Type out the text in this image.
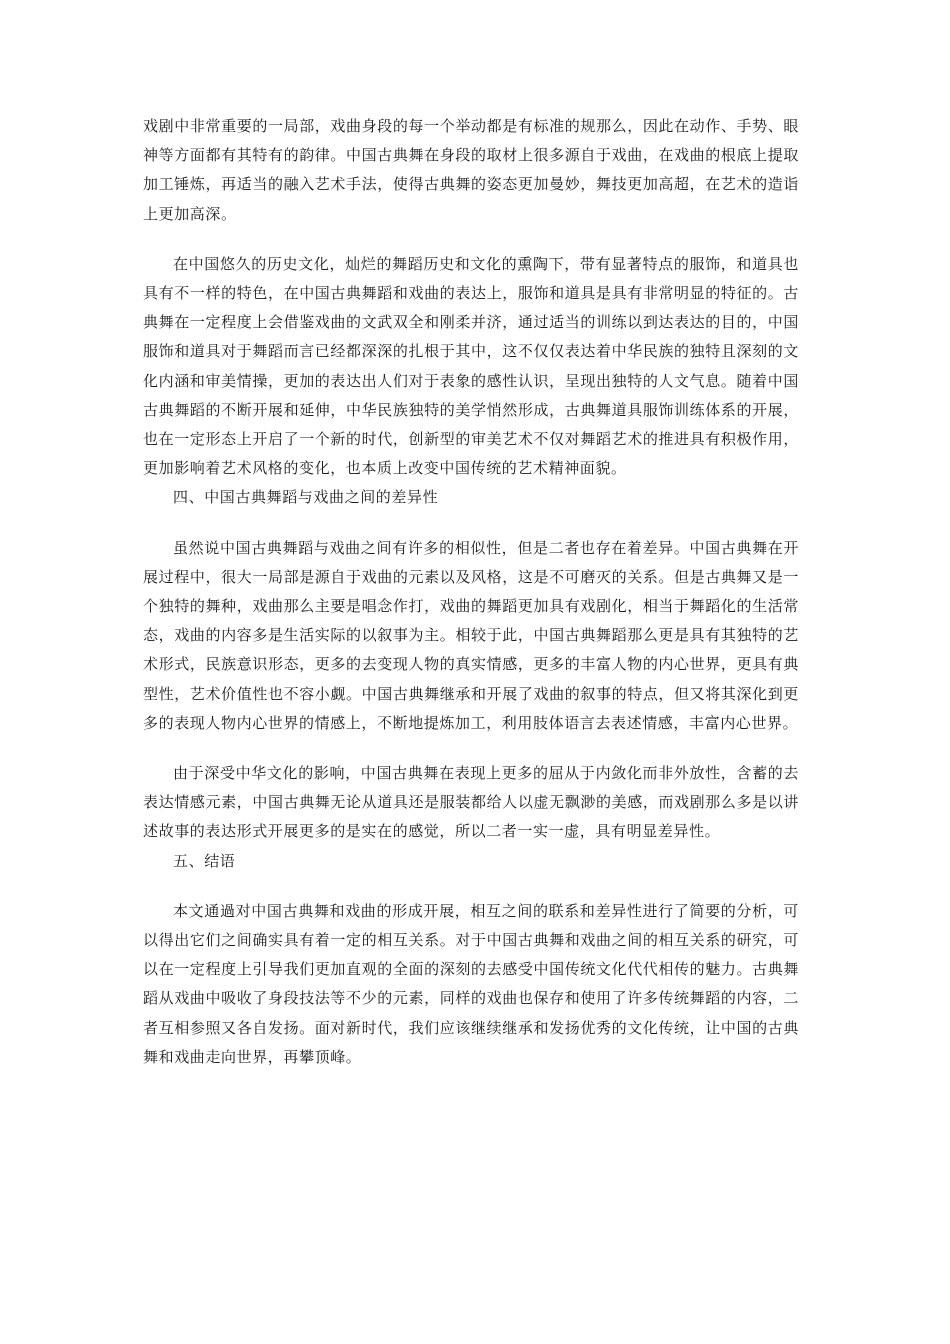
戏剧中非常重要的一局部，戏曲身段的每一个举动都是有标准的规那么，因此在动作、手势、眼神等方面都有其特有的韵律。中国古典舞在身段的取材上很多源自于戏曲，在戏曲的根底上提取加工锤炼，再适当的融入艺术手法，使得古典舞的姿态更加曼妙，舞技更加高超，在艺术的造诣上更加高深。

在中国悠久的历史文化，灿烂的舞蹈历史和文化的熏陶下，带有显著特点的服饰，和道具也具有不一样的特色，在中国古典舞蹈和戏曲的表达上，服饰和道具是具有非常明显的特征的。古典舞在一定程度上会借鉴戏曲的文武双全和刚柔并济，通过适当的训练以到达表达的目的，中国服饰和道具对于舞蹈而言已经都深深的扎根于其中，这不仅仅表达着中华民族的独特且深刻的文化内涵和审美情操，更加的表达出人们对于表象的感性认识，呈现出独特的人文气息。随着中国古典舞蹈的不断开展和延伸，中华民族独特的美学悄然形成，古典舞道具服饰训练体系的开展，也在一定形态上开启了一个新的时代，创新型的审美艺术不仅对舞蹈艺术的推进具有积极作用，更加影响着艺术风格的变化，也本质上改变中国传统的艺术精神面貌。

四、中国古典舞蹈与戏曲之间的差异性

虽然说中国古典舞蹈与戏曲之间有许多的相似性，但是二者也存在着差异。中国古典舞在开展过程中，很大一局部是源自于戏曲的元素以及风格，这是不可磨灭的关系。但是古典舞又是一个独特的舞种，戏曲那么主要是唱念作打，戏曲的舞蹈更加具有戏剧化，相当于舞蹈化的生活常态，戏曲的内容多是生活实际的以叙事为主。相较于此，中国古典舞蹈那么更是具有其独特的艺术形式，民族意识形态，更多的去变现人物的真实情感，更多的丰富人物的内心世界，更具有典型性，艺术价值性也不容小觑。中国古典舞继承和开展了戏曲的叙事的特点，但又将其深化到更多的表现人物内心世界的情感上，不断地提炼加工，利用肢体语言去表述情感，丰富内心世界。

由于深受中华文化的影响，中国古典舞在表现上更多的屈从于内敛化而非外放性，含蓄的去表达情感元素，中国古典舞无论从道具还是服装都给人以虚无飘渺的美感，而戏剧那么多是以讲述故事的表达形式开展更多的是实在的感觉，所以二者一实一虚，具有明显差异性。

五、结语

本文通過对中国古典舞和戏曲的形成开展，相互之间的联系和差异性进行了简要的分析，可以得出它们之间确实具有着一定的相互关系。对于中国古典舞和戏曲之间的相互关系的研究，可以在一定程度上引导我们更加直观的全面的深刻的去感受中国传统文化代代相传的魅力。古典舞蹈从戏曲中吸收了身段技法等不少的元素，同样的戏曲也保存和使用了许多传统舞蹈的内容，二者互相参照又各自发扬。面对新时代，我们应该继续继承和发扬优秀的文化传统，让中国的古典舞和戏曲走向世界，再攀顶峰。
